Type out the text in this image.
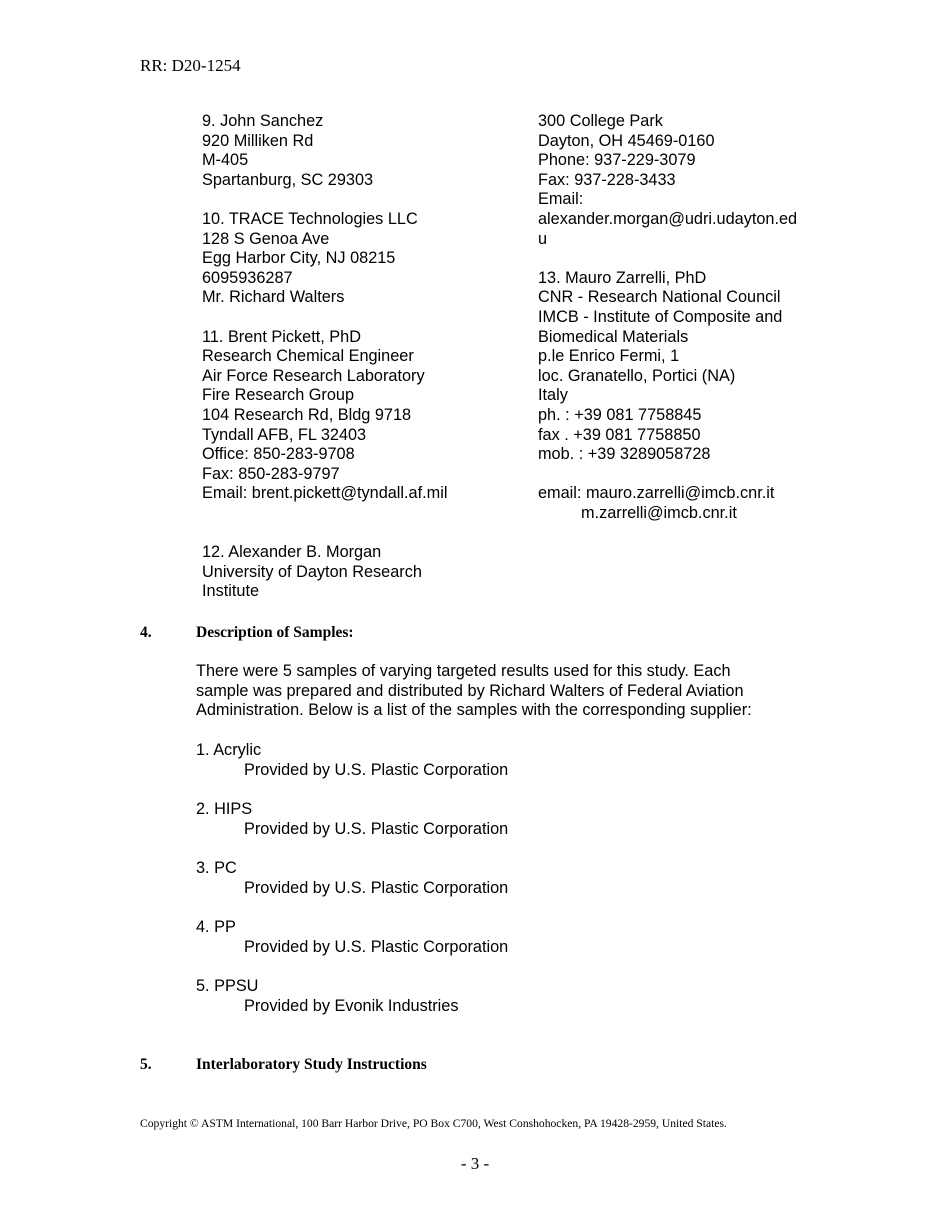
RR: D20-1254
9. John Sanchez
920 Milliken Rd
M-405
Spartanburg, SC 29303
10. TRACE Technologies LLC
128 S Genoa Ave
Egg Harbor City, NJ 08215
6095936287
Mr. Richard Walters
11. Brent Pickett, PhD
Research Chemical Engineer
Air Force Research Laboratory
Fire Research Group
104 Research Rd, Bldg 9718
Tyndall AFB, FL 32403
Office: 850-283-9708
Fax: 850-283-9797
Email: brent.pickett@tyndall.af.mil
12. Alexander B. Morgan
University of Dayton Research
Institute
300 College Park
Dayton, OH 45469-0160
Phone: 937-229-3079
Fax: 937-228-3433
Email:
alexander.morgan@udri.udayton.ed
u
13. Mauro Zarrelli, PhD
CNR - Research National Council
IMCB - Institute of Composite and
Biomedical Materials
p.le Enrico Fermi, 1
loc. Granatello, Portici (NA)
Italy
ph. : +39 081 7758845
fax . +39 081 7758850
mob. : +39 3289058728
email: mauro.zarrelli@imcb.cnr.it
m.zarrelli@imcb.cnr.it
4.	Description of Samples:
There were 5 samples of varying targeted results used for this study. Each
sample was prepared and distributed by Richard Walters of Federal Aviation
Administration. Below is a list of the samples with the corresponding supplier:
1. Acrylic
Provided by U.S. Plastic Corporation
2. HIPS
Provided by U.S. Plastic Corporation
3. PC
Provided by U.S. Plastic Corporation
4. PP
Provided by U.S. Plastic Corporation
5. PPSU
Provided by Evonik Industries
5.	Interlaboratory Study Instructions
Copyright © ASTM International, 100 Barr Harbor Drive, PO Box C700, West Conshohocken, PA 19428-2959, United States.
- 3 -
